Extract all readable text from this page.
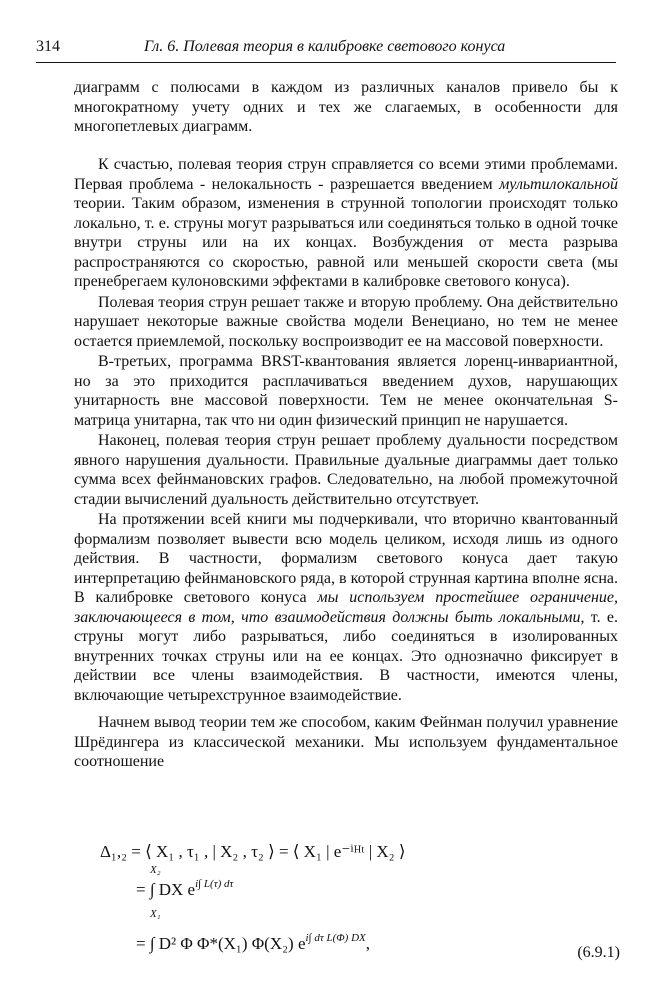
314	Гл. 6. Полевая теория в калибровке светового конуса

диаграмм с полюсами в каждом из различных каналов привело бы к многократному учету одних и тех же слагаемых, в особенности для многопетлевых диаграмм.

К счастью, полевая теория струн справляется со всеми этими проблемами. Первая проблема - нелокальность - разрешается введением мультилокальной теории. Таким образом, изменения в струнной топологии происходят только локально, т. е. струны могут разрываться или соединяться только в одной точке внутри струны или на их концах. Возбуждения от места разрыва распространяются со скоростью, равной или меньшей скорости света (мы пренебрегаем кулоновскими эффектами в калибровке светового конуса).

Полевая теория струн решает также и вторую проблему. Она действительно нарушает некоторые важные свойства модели Венециано, но тем не менее остается приемлемой, поскольку воспроизводит ее на массовой поверхности.

В-третьих, программа BRST-квантования является лоренц-инвариантной, но за это приходится расплачиваться введением духов, нарушающих унитарность вне массовой поверхности. Тем не менее окончательная S-матрица унитарна, так что ни один физический принцип не нарушается.

Наконец, полевая теория струн решает проблему дуальности посредством явного нарушения дуальности. Правильные дуальные диаграммы дает только сумма всех фейнмановских графов. Следовательно, на любой промежуточной стадии вычислений дуальность действительно отсутствует.

На протяжении всей книги мы подчеркивали, что вторично квантованный формализм позволяет вывести всю модель целиком, исходя лишь из одного действия. В частности, формализм светового конуса дает такую интерпретацию фейнмановского ряда, в которой струнная картина вполне ясна. В калибровке светового конуса мы используем простейшее ограничение, заключающееся в том, что взаимодействия должны быть локальными, т. е. струны могут либо разрываться, либо соединяться в изолированных внутренних точках струны или на ее концах. Это однозначно фиксирует в действии все члены взаимодействия. В частности, имеются члены, включающие четырехструнное взаимодействие.

Начнем вывод теории тем же способом, каким Фейнман получил уравнение Шрёдингера из классической механики. Мы используем фундаментальное соотношение

Δ₁,₂ = ⟨ X₁ , τ₁ , | X₂ , τ₂ ⟩ = ⟨ X₁ | e⁻ⁱᴴᵗ | X₂ ⟩
= ∫ DX $e^{i\int L(\tau) d\tau}$
X₁
X₂
= ∫ D² Φ Φ*(X₁) Φ(X₂) $e^{i\int d\tau L(\Phi) DX}$,	(6.9.1)
